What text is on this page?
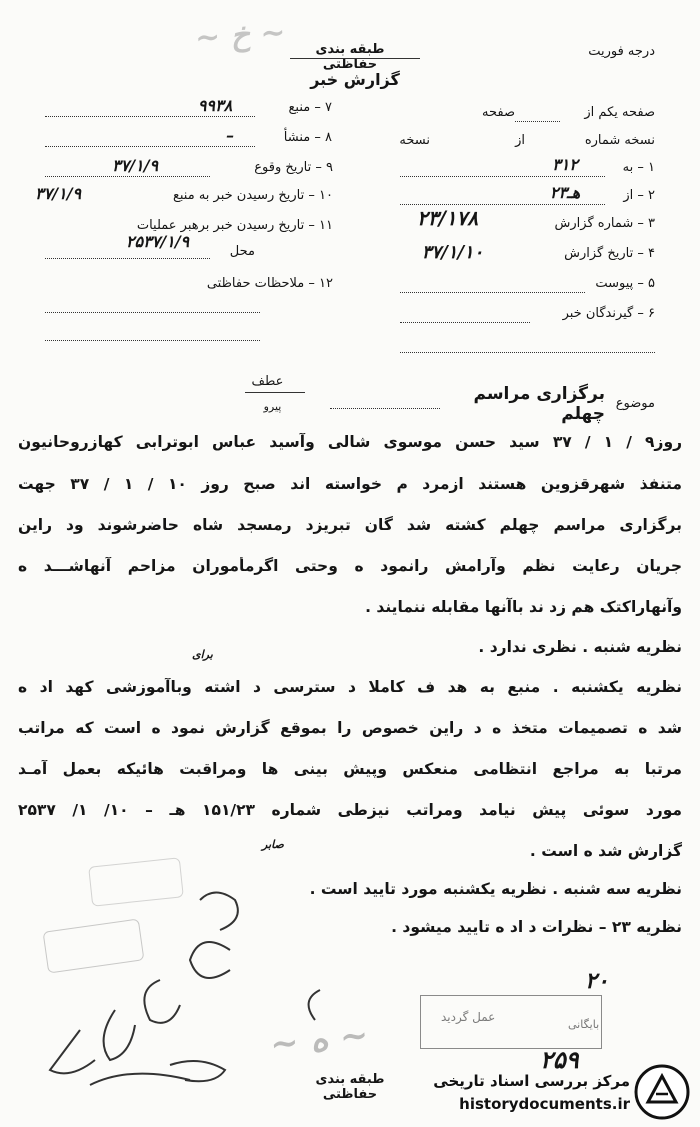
~ خ ~	طبقه بندی حفاظتی
گزارش خبر
درجه فوریت
۷ – منبع
۹۹۳۸
۸ – منشأ
–
۹ – تاریخ وقوع
۳۷/۱/۹
۱۰ – تاریخ رسیدن خبر به منبع
۳۷/۱/۹
۱۱ – تاریخ رسیدن خبر برهبر عملیات
محل
۲۵۳۷/۱/۹
۱۲ – ملاحظات حفاظتی
صفحه یکم از
صفحه
نسخه شماره
از
نسخه
۱ – به
۳۱۲
۲ – از
۲۳هـ
۳ – شماره گزارش
۲۳/۱۷۸
۴ – تاریخ گزارش
۳۷/۱/۱۰
۵ – پیوست
۶ – گیرندگان خبر
موضوع
برگزاری مراسم چهلم
عطف
پیرو
روز۹ / ۱ / ۳۷ سید حسن موسوی شالی وآسید عباس ابوترابی کهازروحانیون
متنفذ شهرقزوین هستند ازمرد م خواسته اند صبح روز ۱۰ / ۱ / ۳۷ جهت
برگزاری مراسم چهلم کشته شد گان تبریزد رمسجد شاه حاضرشوند ود راین
جریان رعایت نظم وآرامش رانمود ه وحتی اگرمأموران مزاحم آنهاشـــد ه
وآنهاراکتک هم زد ند باآنها مقابله ننمایند .
نظریه شنبه . نظری ندارد .
نظریه یکشنبه . منبع به هد ف کاملا د سترسی د اشته وباآموزشی کهد اد ه
شد ه تصمیمات متخذ ه د راین خصوص را بموقع گزارش نمود ه است که مراتب
مرتبا به مراجع انتظامی منعکس وپیش بینی ها ومراقبت هائیکه بعمل آمـد
مورد سوئی پیش نیامد ومراتب نیزطی شماره ۱۵۱/۲۳ هـ – ۱۰/ ۱/ ۲۵۳۷
گزارش شد ه است .
نظریه سه شنبه . نظریه یکشنبه مورد تایید است .
نظریه ۲۳ – نظرات د اد ه تایید میشود .
برای
صابر
۲۰
۲۵۹
عمل گردید
بایگانی
~ ه ~
طبقه بندی حفاظتی
مرکز بررسی اسناد تاریخی
historydocuments.ir
